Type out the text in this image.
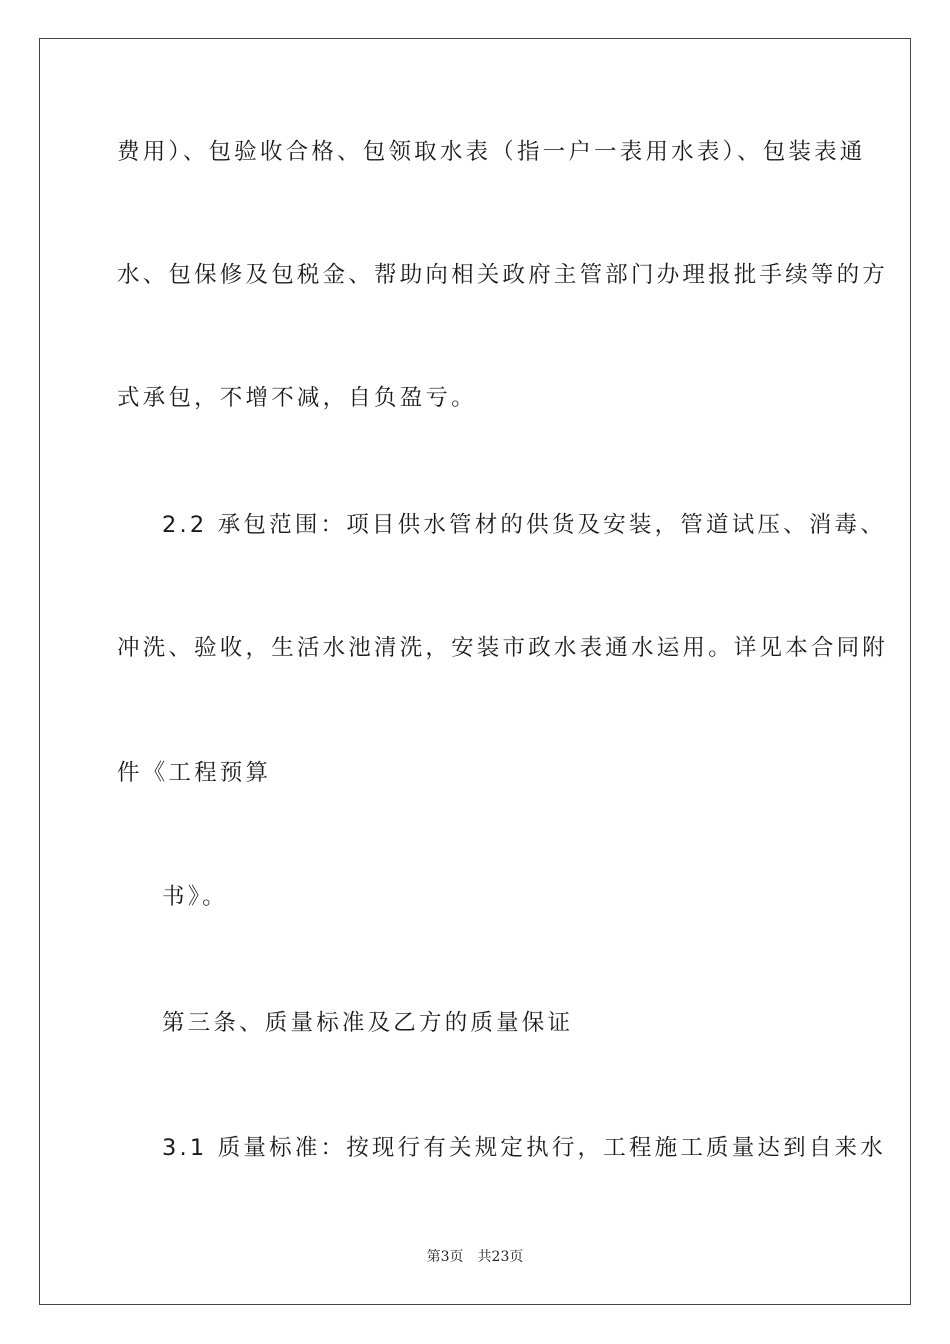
费用）、包验收合格、包领取水表（指一户一表用水表）、包装表通
水、包保修及包税金、帮助向相关政府主管部门办理报批手续等的方
式承包，不增不减，自负盈亏。
2.2 承包范围：项目供水管材的供货及安装，管道试压、消毒、
冲洗、验收，生活水池清洗，安装市政水表通水运用。详见本合同附
件《工程预算
书》。
第三条、质量标准及乙方的质量保证
3.1 质量标准：按现行有关规定执行，工程施工质量达到自来水
第3页 共23页
